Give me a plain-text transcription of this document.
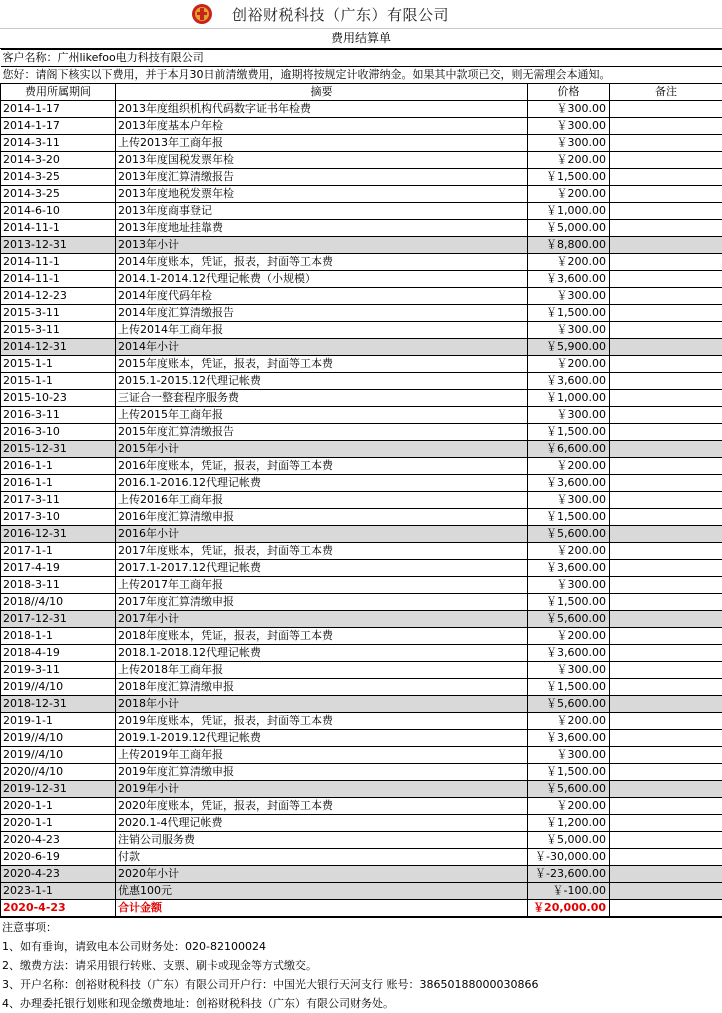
创裕财税科技（广东）有限公司
费用结算单
客户名称：广州likefoo电力科技有限公司			
您好：请阁下核实以下费用，并于本月30日前清缴费用，逾期将按规定计收滞纳金。如果其中款项已交，则无需理会本通知。			
费用所属期间	摘要	价格	备注
2014-1-17	2013年度组织机构代码数字证书年检费	￥300.00	
2014-1-17	2013年度基本户年检	￥300.00	
2014-3-11	上传2013年工商年报	￥300.00	
2014-3-20	2013年度国税发票年检	￥200.00	
2014-3-25	2013年度汇算清缴报告	￥1,500.00	
2014-3-25	2013年度地税发票年检	￥200.00	
2014-6-10	2013年度商事登记	￥1,000.00	
2014-11-1	2013年度地址挂靠费	￥5,000.00	
2013-12-31	2013年小计	￥8,800.00	
2014-11-1	2014年度账本，凭证，报表，封面等工本费	￥200.00	
2014-11-1	2014.1-2014.12代理记帐费（小规模）	￥3,600.00	
2014-12-23	2014年度代码年检	￥300.00	
2015-3-11	2014年度汇算清缴报告	￥1,500.00	
2015-3-11	上传2014年工商年报	￥300.00	
2014-12-31	2014年小计	￥5,900.00	
2015-1-1	2015年度账本，凭证，报表，封面等工本费	￥200.00	
2015-1-1	2015.1-2015.12代理记帐费	￥3,600.00	
2015-10-23	三证合一整套程序服务费	￥1,000.00	
2016-3-11	上传2015年工商年报	￥300.00	
2016-3-10	2015年度汇算清缴报告	￥1,500.00	
2015-12-31	2015年小计	￥6,600.00	
2016-1-1	2016年度账本，凭证，报表，封面等工本费	￥200.00	
2016-1-1	2016.1-2016.12代理记帐费	￥3,600.00	
2017-3-11	上传2016年工商年报	￥300.00	
2017-3-10	2016年度汇算清缴申报	￥1,500.00	
2016-12-31	2016年小计	￥5,600.00	
2017-1-1	2017年度账本，凭证，报表，封面等工本费	￥200.00	
2017-4-19	2017.1-2017.12代理记帐费	￥3,600.00	
2018-3-11	上传2017年工商年报	￥300.00	
2018//4/10	2017年度汇算清缴申报	￥1,500.00	
2017-12-31	2017年小计	￥5,600.00	
2018-1-1	2018年度账本，凭证，报表，封面等工本费	￥200.00	
2018-4-19	2018.1-2018.12代理记帐费	￥3,600.00	
2019-3-11	上传2018年工商年报	￥300.00	
2019//4/10	2018年度汇算清缴申报	￥1,500.00	
2018-12-31	2018年小计	￥5,600.00	
2019-1-1	2019年度账本，凭证，报表，封面等工本费	￥200.00	
2019//4/10	2019.1-2019.12代理记帐费	￥3,600.00	
2019//4/10	上传2019年工商年报	￥300.00	
2020//4/10	2019年度汇算清缴申报	￥1,500.00	
2019-12-31	2019年小计	￥5,600.00	
2020-1-1	2020年度账本，凭证，报表，封面等工本费	￥200.00	
2020-1-1	2020.1-4代理记帐费	￥1,200.00	
2020-4-23	注销公司服务费	￥5,000.00	
2020-6-19	付款	￥-30,000.00	
2020-4-23	2020年小计	￥-23,600.00	
2023-1-1	优惠100元	￥-100.00	
2020-4-23	合计金额	￥20,000.00	
注意事项：
1、如有垂询，请致电本公司财务处：020-82100024
2、缴费方法：请采用银行转账、支票、刷卡或现金等方式缴交。
3、开户名称：创裕财税科技（广东）有限公司开户行：中国光大银行天河支行 账号：38650188000030866
4、办理委托银行划账和现金缴费地址：创裕财税科技（广东）有限公司财务处。
